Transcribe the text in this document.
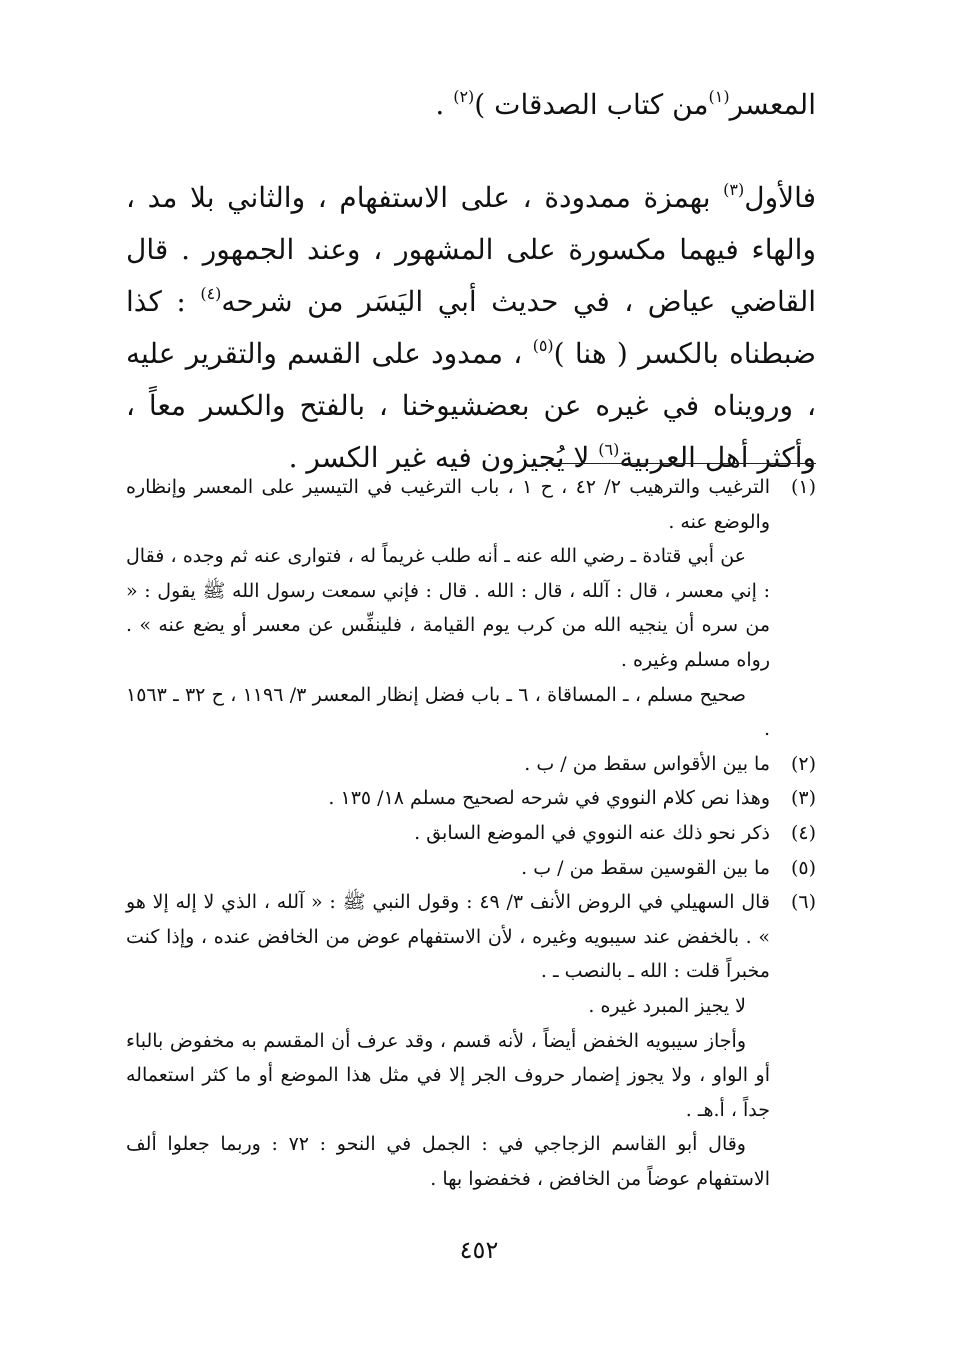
المعسر$^{(١)}$من كتاب الصدقات )$^{(٢)}$ .

فالأول$^{(٣)}$ بهمزة ممدودة ، على الاستفهام ، والثاني بلا مد ، والهاء فيهما مكسورة على المشهور ، وعند الجمهور . قال القاضي عياض ، في حديث أبي اليَسَر من شرحه$^{(٤)}$ : كذا ضبطناه بالكسر ( هنا )$^{(٥)}$ ، ممدود على القسم والتقرير عليه ، ورويناه في غيره عن بعضشيوخنا ، بالفتح والكسر معاً ، وأكثر أهل العربية$^{(٦)}$ لا يُجيزون فيه غير الكسر .

(١)

الترغيب والترهيب ٢/ ٤٢ ، ح ١ ، باب الترغيب في التيسير على المعسر وإنظاره والوضع عنه .

عن أبي قتادة ـ رضي الله عنه ـ أنه طلب غريماً له ، فتوارى عنه ثم وجده ، فقال : إني معسر ، قال : آلله ، قال : الله . قال : فإني سمعت رسول الله ﷺ يقول : « من سره أن ينجيه الله من كرب يوم القيامة ، فلينفِّس عن معسر أو يضع عنه » . رواه مسلم وغيره .

صحيح مسلم ، ـ المساقاة ، ٦ ـ باب فضل إنظار المعسر ٣/ ١١٩٦ ، ح ٣٢ ـ ١٥٦٣ .

(٢)

ما بين الأقواس سقط من / ب .

(٣)

وهذا نص كلام النووي في شرحه لصحيح مسلم ١٨/ ١٣٥ .

(٤)

ذكر نحو ذلك عنه النووي في الموضع السابق .

(٥)

ما بين القوسين سقط من / ب .

(٦)

قال السهيلي في الروض الأنف ٣/ ٤٩ : وقول النبي ﷺ : « آلله ، الذي لا إله إلا هو » . بالخفض عند سيبويه وغيره ، لأن الاستفهام عوض من الخافض عنده ، وإذا كنت مخبراً قلت : الله ـ بالنصب ـ .

لا يجيز المبرد غيره .

وأجاز سيبويه الخفض أيضاً ، لأنه قسم ، وقد عرف أن المقسم به مخفوض بالباء أو الواو ، ولا يجوز إضمار حروف الجر إلا في مثل هذا الموضع أو ما كثر استعماله جداً ، أ.هـ .

وقال أبو القاسم الزجاجي في : الجمل في النحو : ٧٢ : وربما جعلوا ألف الاستفهام عوضاً من الخافض ، فخفضوا بها .

٤٥٢
